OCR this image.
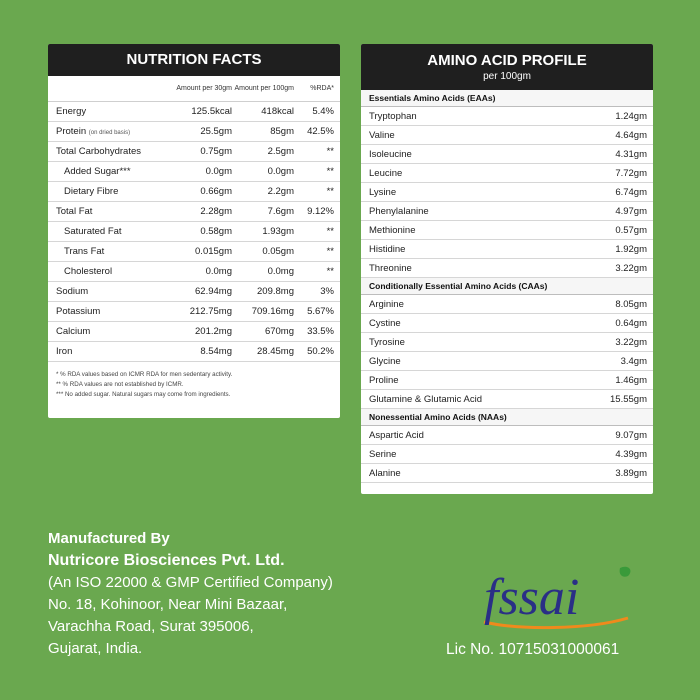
NUTRITION FACTS
Amount per 30gm Amount per 100gm	%RDA*
Energy	125.5kcal	418kcal	5.4%
Protein (on dried basis)	25.5gm	85gm	42.5%
Total Carbohydrates	0.75gm	2.5gm	**
Added Sugar***	0.0gm	0.0gm	**
Dietary Fibre	0.66gm	2.2gm	**
Total Fat	2.28gm	7.6gm	9.12%
Saturated Fat	0.58gm	1.93gm	**
Trans Fat	0.015gm	0.05gm	**
Cholesterol	0.0mg	0.0mg	**
Sodium	62.94mg	209.8mg	3%
Potassium	212.75mg	709.16mg	5.67%
Calcium	201.2mg	670mg	33.5%
Iron	8.54mg	28.45mg	50.2%
* % RDA values based on ICMR RDA for men sedentary activity.
** % RDA values are not established by ICMR.
*** No added sugar. Natural sugars may come from ingredients.
AMINO ACID PROFILE
per 100gm
Essentials Amino Acids (EAAs)
Tryptophan	1.24gm
Valine	4.64gm
Isoleucine	4.31gm
Leucine	7.72gm
Lysine	6.74gm
Phenylalanine	4.97gm
Methionine	0.57gm
Histidine	1.92gm
Threonine	3.22gm
Conditionally Essential Amino Acids (CAAs)
Arginine	8.05gm
Cystine	0.64gm
Tyrosine	3.22gm
Glycine	3.4gm
Proline	1.46gm
Glutamine & Glutamic Acid	15.55gm
Nonessential Amino Acids (NAAs)
Aspartic Acid	9.07gm
Serine	4.39gm
Alanine	3.89gm
Manufactured By
Nutricore Biosciences Pvt. Ltd.
(An ISO 22000 & GMP Certified Company)
No. 18, Kohinoor, Near Mini Bazaar,
Varachha Road, Surat 395006,
Gujarat, India.
fssai
Lic No. 10715031000061
